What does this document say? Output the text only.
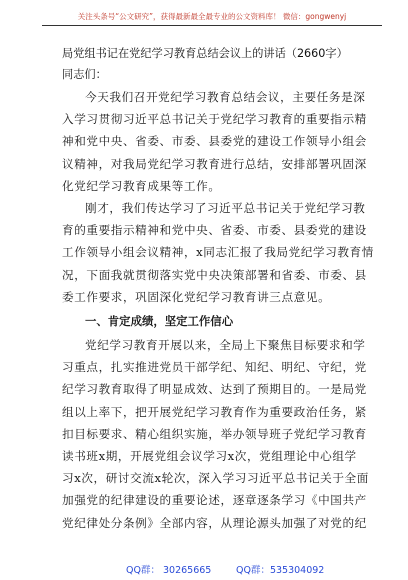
关注头条号“公文研究”，获得最新最全最专业的公文资料库！ 微信：gongwenyj
局党组书记在党纪学习教育总结会议上的讲话（2660字）

同志们：

今天我们召开党纪学习教育总结会议，主要任务是深
入学习贯彻习近平总书记关于党纪学习教育的重要指示精
神和党中央、省委、市委、县委党的建设工作领导小组会
议精神，对我局党纪学习教育进行总结，安排部署巩固深
化党纪学习教育成果等工作。

刚才，我们传达学习了习近平总书记关于党纪学习教
育的重要指示精神和党中央、省委、市委、县委党的建设
工作领导小组会议精神，x同志汇报了我局党纪学习教育情
况，下面我就贯彻落实党中央决策部署和省委、市委、县
委工作要求，巩固深化党纪学习教育讲三点意见。

一、肯定成绩，坚定工作信心

党纪学习教育开展以来，全局上下聚焦目标要求和学
习重点，扎实推进党员干部学纪、知纪、明纪、守纪，党
纪学习教育取得了明显成效、达到了预期目的。一是局党
组以上率下，把开展党纪学习教育作为重要政治任务，紧
扣目标要求、精心组织实施，举办领导班子党纪学习教育
读书班x期，开展党组会议学习x次，党组理论中心组学
习x次，研讨交流x轮次，深入学习习近平总书记关于全面
加强党的纪律建设的重要论述，逐章逐条学习《中国共产
党纪律处分条例》全部内容，从理论源头加强了对党的纪

QQ群： 30265665	QQ群：535304092
